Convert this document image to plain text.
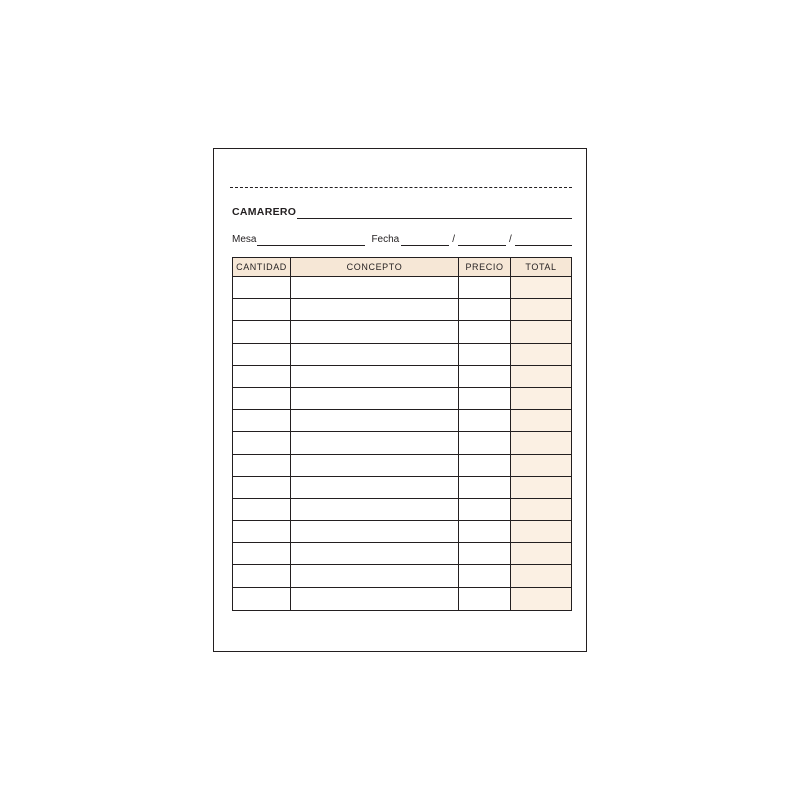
CAMARERO
Mesa	Fecha	/	/
CANTIDAD	CONCEPTO	PRECIO	TOTAL
